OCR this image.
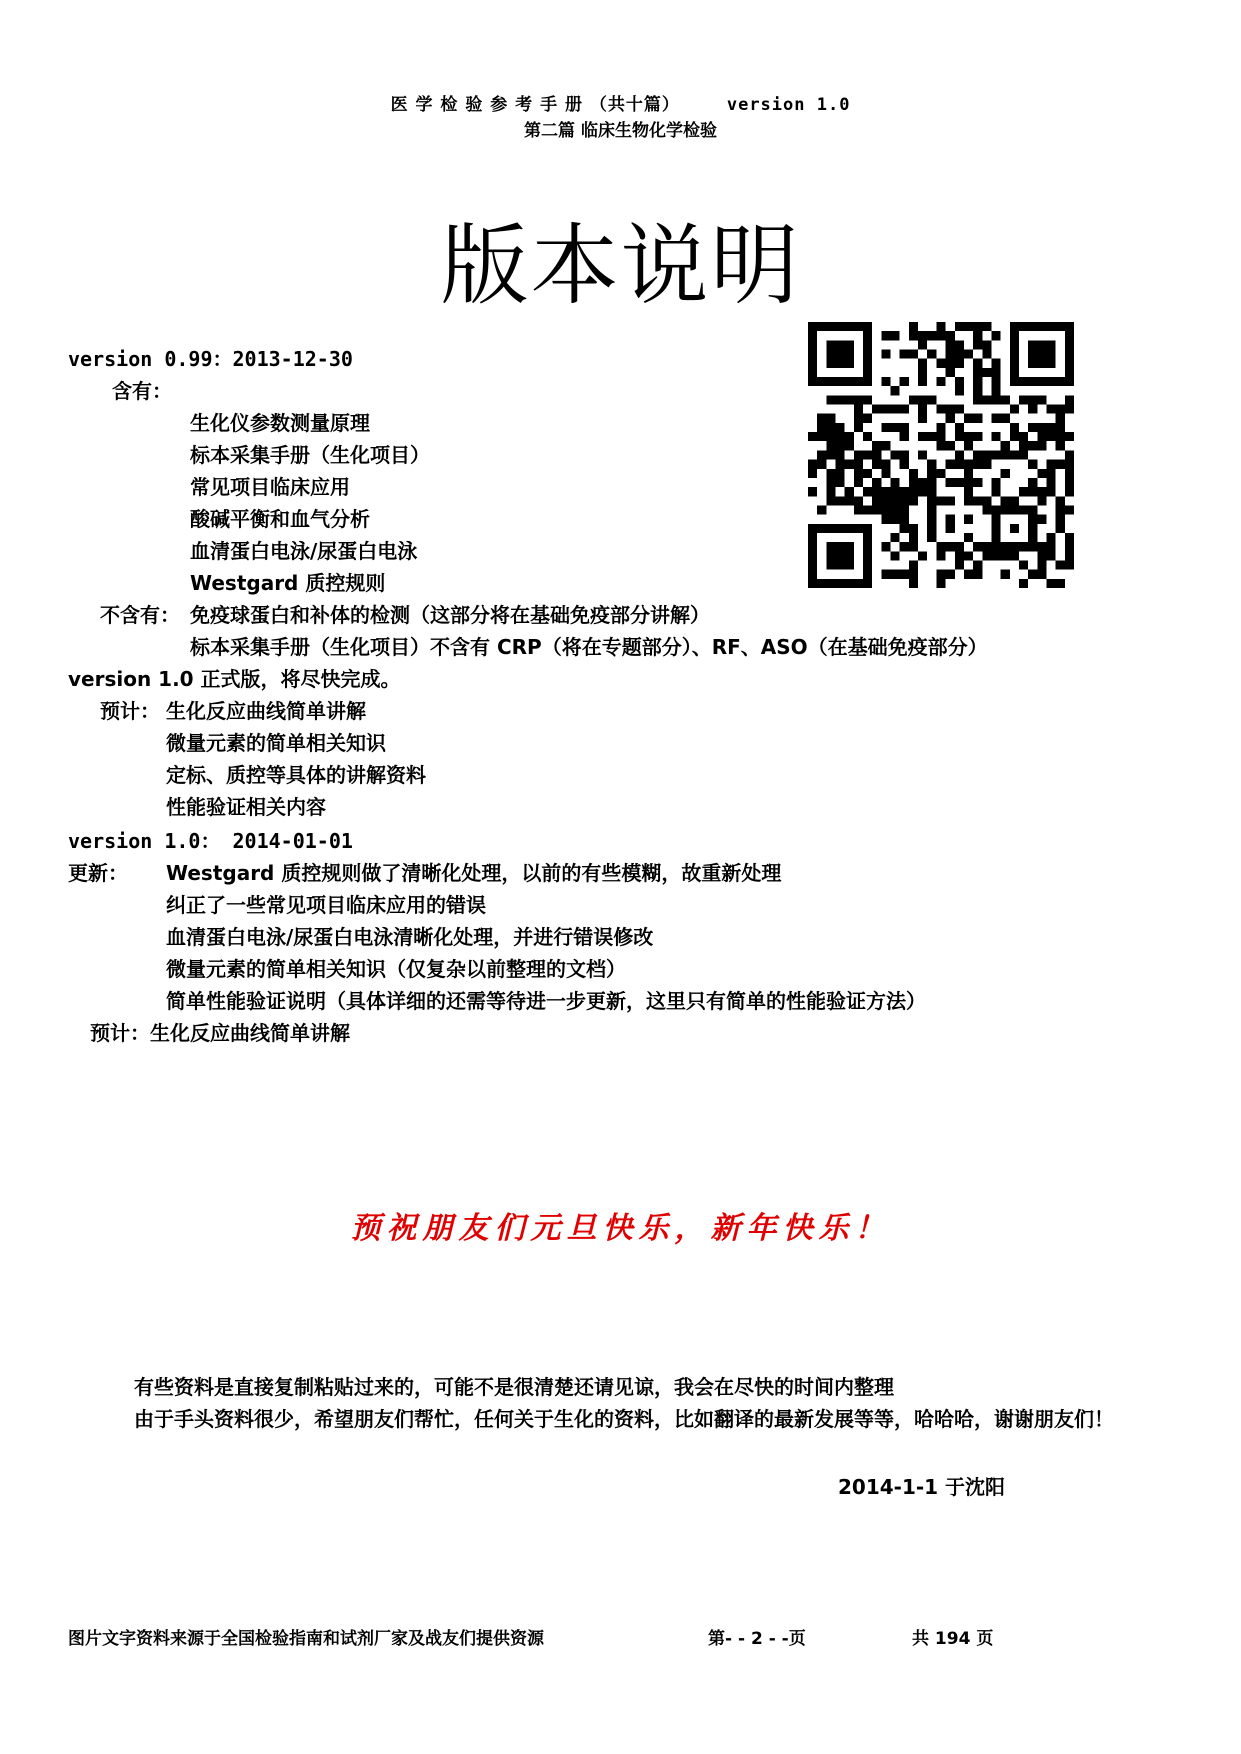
医 学 检 验 参 考 手 册 （共十篇）	version 1.0
第二篇 临床生物化学检验
版本说明
version 0.99：2013-12-30
含有：
生化仪参数测量原理
标本采集手册（生化项目）
常见项目临床应用
酸碱平衡和血气分析
血清蛋白电泳/尿蛋白电泳
Westgard 质控规则
不含有： 免疫球蛋白和补体的检测（这部分将在基础免疫部分讲解）
标本采集手册（生化项目）不含有 CRP（将在专题部分）、RF、ASO（在基础免疫部分）
version 1.0 正式版，将尽快完成。
预计： 生化反应曲线简单讲解
微量元素的简单相关知识
定标、质控等具体的讲解资料
性能验证相关内容
version 1.0： 2014-01-01
更新： Westgard 质控规则做了清晰化处理，以前的有些模糊，故重新处理
纠正了一些常见项目临床应用的错误
血清蛋白电泳/尿蛋白电泳清晰化处理，并进行错误修改
微量元素的简单相关知识（仅复杂以前整理的文档）
简单性能验证说明（具体详细的还需等待进一步更新，这里只有简单的性能验证方法）
预计：生化反应曲线简单讲解
预祝朋友们元旦快乐，新年快乐！
有些资料是直接复制粘贴过来的，可能不是很清楚还请见谅，我会在尽快的时间内整理
由于手头资料很少，希望朋友们帮忙，任何关于生化的资料，比如翻译的最新发展等等，哈哈哈，谢谢朋友们！
2014-1-1 于沈阳
图片文字资料来源于全国检验指南和试剂厂家及战友们提供资源	第- - 2 - -页	共 194 页
